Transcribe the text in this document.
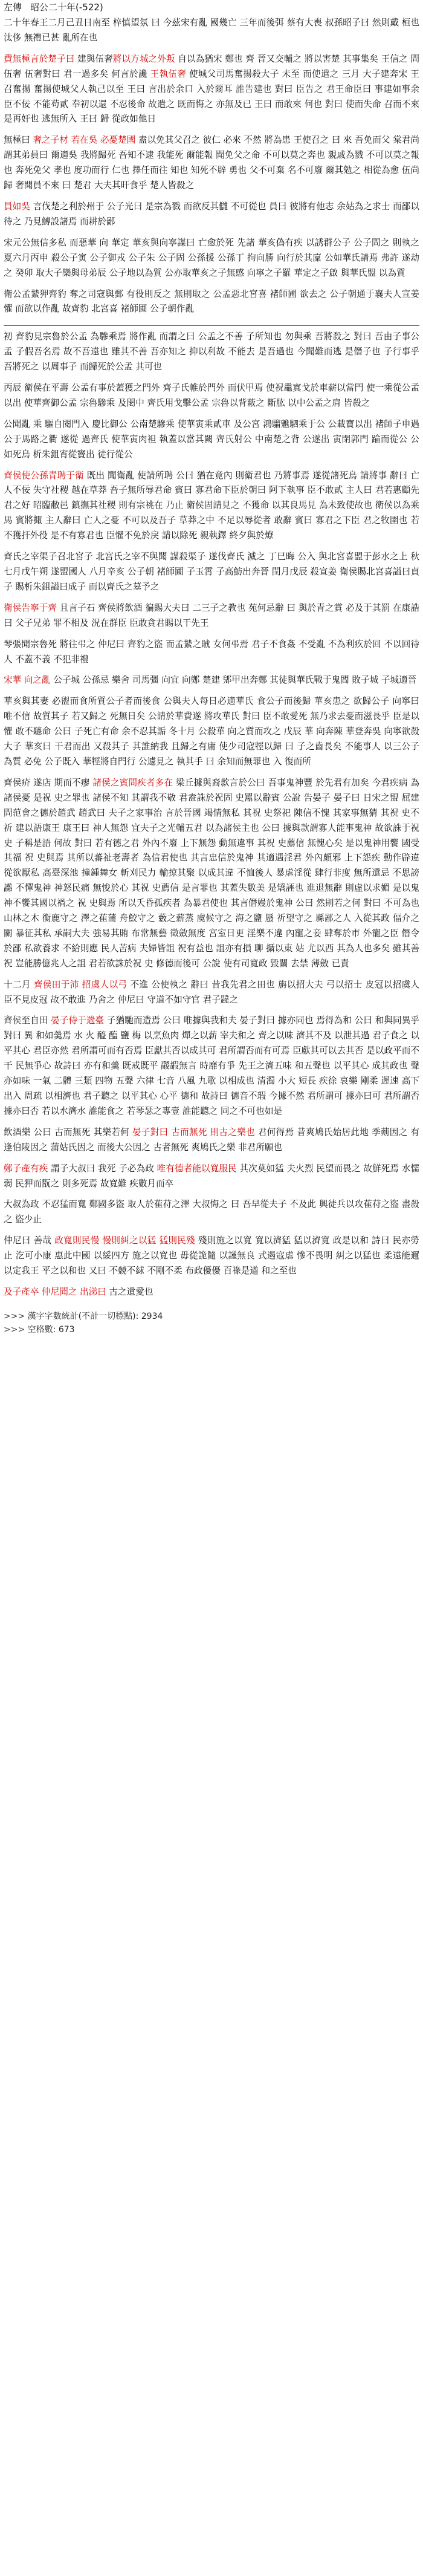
左傳 昭公二十年(-522)

二十年春王二月己丑日南至 梓慎望氛 曰 今茲宋有亂 國幾亡 三年而後弭 蔡有大喪 叔孫昭子曰 然則戴 桓也 汰侈 無禮已甚 亂所在也

費無極言於楚子曰 建與伍奢將以方城之外叛 自以為猶宋 鄭也 齊 晉又交輔之 將以害楚 其事集矣 王信之 問伍奢 伍奢對曰 君一過多矣 何言於讒 王執伍奢 使城父司馬奮揚殺大子 未至 而使遣之 三月 大子建奔宋 王召奮揚 奮揚使城父人執己以至 王曰 言出於余口 入於爾耳 誰告建也 對曰 臣告之 君王命臣曰 事建如事余 臣不佞 不能苟貳 奉初以還 不忍後命 故遣之 既而悔之 亦無及已 王曰 而敢來 何也 對曰 使而失命 召而不來 是再奸也 逃無所入 王曰 歸 從政如他日

無極曰 奢之子材 若在吳 必憂楚國 盍以免其父召之 彼仁 必來 不然 將為患 王使召之 曰 來 吾免而父 棠君尚謂其弟員曰 爾適吳 我將歸死 吾知不逮 我能死 爾能報 聞免父之命 不可以莫之奔也 親戚為戮 不可以莫之報也 奔死免父 孝也 度功而行 仁也 擇任而往 知也 知死不辟 勇也 父不可棄 名不可廢 爾其勉之 相從為愈 伍尚歸 奢聞員不來 曰 楚君 大夫其旰食乎 楚人皆殺之

員如吳 言伐楚之利於州于 公子光曰 是宗為戮 而欲反其讎 不可從也 員曰 彼將有他志 余姑為之求士 而鄙以待之 乃見鱄設諸焉 而耕於鄙

宋元公無信多私 而惡華 向 華定 華亥與向寧謀曰 亡愈於死 先諸 華亥偽有疾 以誘群公子 公子問之 則執之 夏六月丙申 殺公子寅 公子御戎 公子朱 公子固 公孫援 公孫丁 拘向勝 向行於其廩 公如華氏請焉 弗許 遂劫之 癸卯 取大子欒與母弟辰 公子地以為質 公亦取華亥之子無感 向寧之子羅 華定之子啟 與華氏盟 以為質

衛公孟縶狎齊豹 奪之司寇與鄄 有役則反之 無則取之 公孟惡北宮喜 褚師圃 欲去之 公子朝通于襄夫人宣姜 懼 而欲以作亂 故齊豹 北宮喜 褚師圃 公子朝作亂

初 齊豹見宗魯於公孟 為驂乘焉 將作亂 而謂之曰 公孟之不善 子所知也 勿與乘 吾將殺之 對曰 吾由子事公孟 子假吾名焉 故不吾遠也 雖其不善 吾亦知之 抑以利故 不能去 是吾過也 今聞難而逃 是僭子也 子行事乎 吾將死之 以周事子 而歸死於公孟 其可也

丙辰 衛侯在平壽 公孟有事於蓋獲之門外 齊子氏帷於門外 而伏甲焉 使祝鼃寘戈於車薪以當門 使一乘從公孟以出 使華齊御公孟 宗魯驂乘 及閎中 齊氏用戈擊公孟 宗魯以背蔽之 斷肱 以中公孟之肩 皆殺之

公聞亂 乘 驅自閱門入 慶比御公 公南楚驂乘 使華寅乘貳車 及公宮 鴻騮魋駟乘于公 公載寶以出 褚師子申遇公于馬路之衢 遂從 過齊氏 使華寅肉袒 執蓋以當其闕 齊氏射公 中南楚之背 公遂出 寅閉郭門 踰而從公 公如死鳥 析朱鉏宵從竇出 徒行從公

齊侯使公孫青聘于衛 既出 聞衛亂 使請所聘 公曰 猶在竟內 則衛君也 乃將事焉 遂從諸死鳥 請將事 辭曰 亡人不佞 失守社稷 越在草莽 吾子無所辱君命 賓曰 寡君命下臣於朝曰 阿下執事 臣不敢貳 主人曰 君若惠顧先君之好 昭臨敝邑 鎮撫其社稷 則有宗祧在 乃止 衛侯固請見之 不獲命 以其良馬見 為未致使故也 衛侯以為乘馬 賓將掫 主人辭曰 亡人之憂 不可以及吾子 草莽之中 不足以辱從者 敢辭 賓曰 寡君之下臣 君之牧圉也 若不獲扞外役 是不有寡君也 臣懼不免於戾 請以除死 親執鐸 終夕與於燎

齊氏之宰渠子召北宮子 北宮氏之宰不與聞 謀殺渠子 遂伐齊氏 滅之 丁巳晦 公入 與北宮喜盟于彭水之上 秋七月戊午朔 遂盟國人 八月辛亥 公子朝 褚師圃 子玉霄 子高魴出奔晉 閏月戊辰 殺宣姜 衛侯賜北宮喜謚曰貞子 賜析朱鉏謚曰成子 而以齊氏之墓予之

衛侯告寧于齊 且言子石 齊侯將飲酒 徧賜大夫曰 二三子之教也 苑何忌辭 曰 與於青之賞 必及于其罰 在康誥曰 父子兄弟 罪不相及 況在群臣 臣敢貪君賜以干先王

琴張聞宗魯死 將往弔之 仲尼曰 齊豹之盜 而孟縶之賊 女何弔焉 君子不食姦 不受亂 不為利疚於回 不以回待人 不蓋不義 不犯非禮

宋華 向之亂 公子城 公孫忌 樂舍 司馬彊 向宜 向鄭 楚建 郳甲出奔鄭 其徒與華氏戰于鬼閻 敗子城 子城適晉

華亥與其妻 必盥而食所質公子者而後食 公與夫人每日必適華氏 食公子而後歸 華亥患之 欲歸公子 向寧曰 唯不信 故質其子 若又歸之 死無日矣 公請於華費遂 將攻華氏 對曰 臣不敢愛死 無乃求去憂而滋長乎 臣是以懼 敢不聽命 公曰 子死亡有命 余不忍其詬 冬十月 公殺華 向之質而攻之 戊辰 華 向奔陳 華登奔吳 向寧欲殺大子 華亥曰 干君而出 又殺其子 其誰納我 且歸之有庸 使少司寇牼以歸 曰 子之齒長矣 不能事人 以三公子為質 必免 公子既入 華牼將自門行 公遽見之 執其手 曰 余知而無罪也 入 復而所

齊侯疥 遂店 期而不瘳 諸侯之賓問疾者多在 梁丘據與裔款言於公曰 吾事鬼神豐 於先君有加矣 今君疾病 為諸侯憂 是祝 史之罪也 諸侯不知 其謂我不敬 君盍誅於祝固 史嚚以辭賓 公說 告晏子 晏子曰 日宋之盟 屈建問范會之德於趙武 趙武曰 夫子之家事治 言於晉國 竭情無私 其祝 史祭祀 陳信不愧 其家事無猜 其祝 史不祈 建以語康王 康王曰 神人無怨 宜夫子之光輔五君 以為諸侯主也 公曰 據與款謂寡人能事鬼神 故欲誅于祝 史 子稱是語 何故 對曰 若有德之君 外內不廢 上下無怨 動無違事 其祝 史薦信 無愧心矣 是以鬼神用饗 國受其福 祝 史與焉 其所以蕃祉老壽者 為信君使也 其言忠信於鬼神 其適遇淫君 外內頗邪 上下怨疾 動作辟違 從欲厭私 高臺深池 撞鍾舞女 斬刈民力 輸掠其聚 以成其違 不恤後人 暴虐淫從 肆行非度 無所還忌 不思謗讟 不憚鬼神 神怒民痛 無悛於心 其祝 史薦信 是言罪也 其蓋失數美 是矯誣也 進退無辭 則虛以求媚 是以鬼神不饗其國以禍之 祝 史與焉 所以夭昏孤疾者 為暴君使也 其言僭嫚於鬼神 公曰 然則若之何 對曰 不可為也 山林之木 衡鹿守之 澤之萑蒲 舟鮫守之 藪之薪蒸 虞候守之 海之鹽 蜃 祈望守之 縣鄙之人 入從其政 偪介之關 暴征其私 承嗣大夫 強易其賄 布常無藝 徵斂無度 宮室日更 淫樂不違 內寵之妾 肆奪於市 外寵之臣 僭令於鄙 私欲養求 不給則應 民人苦病 夫婦皆詛 祝有益也 詛亦有損 聊 攝以東 姑 尤以西 其為人也多矣 雖其善祝 豈能勝億兆人之詛 君若欲誅於祝 史 修德而後可 公說 使有司寬政 毀關 去禁 薄斂 已責

十二月 齊侯田于沛 招虞人以弓 不進 公使執之 辭曰 昔我先君之田也 旃以招大夫 弓以招士 皮冠以招虞人 臣不見皮冠 故不敢進 乃舍之 仲尼曰 守道不如守官 君子韙之

齊侯至自田 晏子侍于遄臺 子猶馳而造焉 公曰 唯據與我和夫 晏子對曰 據亦同也 焉得為和 公曰 和與同異乎 對曰 異 和如羹焉 水 火 醯 醢 鹽 梅 以烹魚肉 燀之以薪 宰夫和之 齊之以味 濟其不及 以泄其過 君子食之 以平其心 君臣亦然 君所謂可而有否焉 臣獻其否以成其可 君所謂否而有可焉 臣獻其可以去其否 是以政平而不干 民無爭心 故詩曰 亦有和羹 既戒既平 鬷嘏無言 時靡有爭 先王之濟五味 和五聲也 以平其心 成其政也 聲亦如味 一氣 二體 三類 四物 五聲 六律 七音 八風 九歌 以相成也 清濁 小大 短長 疾徐 哀樂 剛柔 遲速 高下 出入 周疏 以相濟也 君子聽之 以平其心 心平 德和 故詩曰 德音不瑕 今據不然 君所謂可 據亦曰可 君所謂否 據亦曰否 若以水濟水 誰能食之 若琴瑟之專壹 誰能聽之 同之不可也如是

飲酒樂 公曰 古而無死 其樂若何 晏子對曰 古而無死 則古之樂也 君何得焉 昔爽鳩氏始居此地 季荝因之 有逢伯陵因之 蒲姑氏因之 而後大公因之 古者無死 爽鳩氏之樂 非君所願也

鄭子產有疾 謂子大叔曰 我死 子必為政 唯有德者能以寬服民 其次莫如猛 夫火烈 民望而畏之 故鮮死焉 水懦弱 民狎而翫之 則多死焉 故寬難 疾數月而卒

大叔為政 不忍猛而寬 鄭國多盜 取人於萑苻之澤 大叔悔之 曰 吾早從夫子 不及此 興徒兵以攻萑苻之盜 盡殺之 盜少止

仲尼曰 善哉 政寬則民慢 慢則糾之以猛 猛則民殘 殘則施之以寬 寬以濟猛 猛以濟寬 政是以和 詩曰 民亦勞止 汔可小康 惠此中國 以綏四方 施之以寬也 毋從詭隨 以謹無良 式遏寇虐 慘不畏明 糾之以猛也 柔遠能邇 以定我王 平之以和也 又曰 不競不絿 不剛不柔 布政優優 百祿是遒 和之至也

及子產卒 仲尼聞之 出涕曰 古之遺愛也

>>> 漢字字數統計(不計一切標點): 2934
>>> 空格數: 673
